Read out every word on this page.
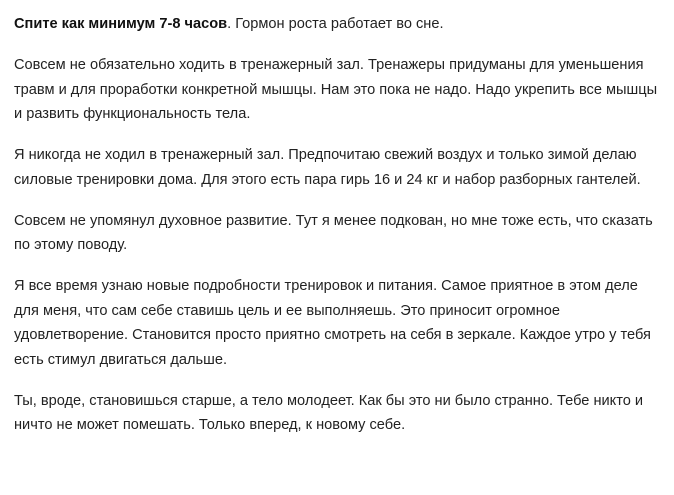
Спите как минимум 7-8 часов. Гормон роста работает во сне.

Совсем не обязательно ходить в тренажерный зал. Тренажеры придуманы для уменьшения травм и для проработки конкретной мышцы. Нам это пока не надо. Надо укрепить все мышцы и развить функциональность тела.

Я никогда не ходил в тренажерный зал. Предпочитаю свежий воздух и только зимой делаю силовые тренировки дома. Для этого есть пара гирь 16 и 24 кг и набор разборных гантелей.

Совсем не упомянул духовное развитие. Тут я менее подкован, но мне тоже есть, что сказать по этому поводу.

Я все время узнаю новые подробности тренировок и питания. Самое приятное в этом деле для меня, что сам себе ставишь цель и ее выполняешь. Это приносит огромное удовлетворение. Становится просто приятно смотреть на себя в зеркале. Каждое утро у тебя есть стимул двигаться дальше.

Ты, вроде, становишься старше, а тело молодеет. Как бы это ни было странно. Тебе никто и ничто не может помешать. Только вперед, к новому себе.
